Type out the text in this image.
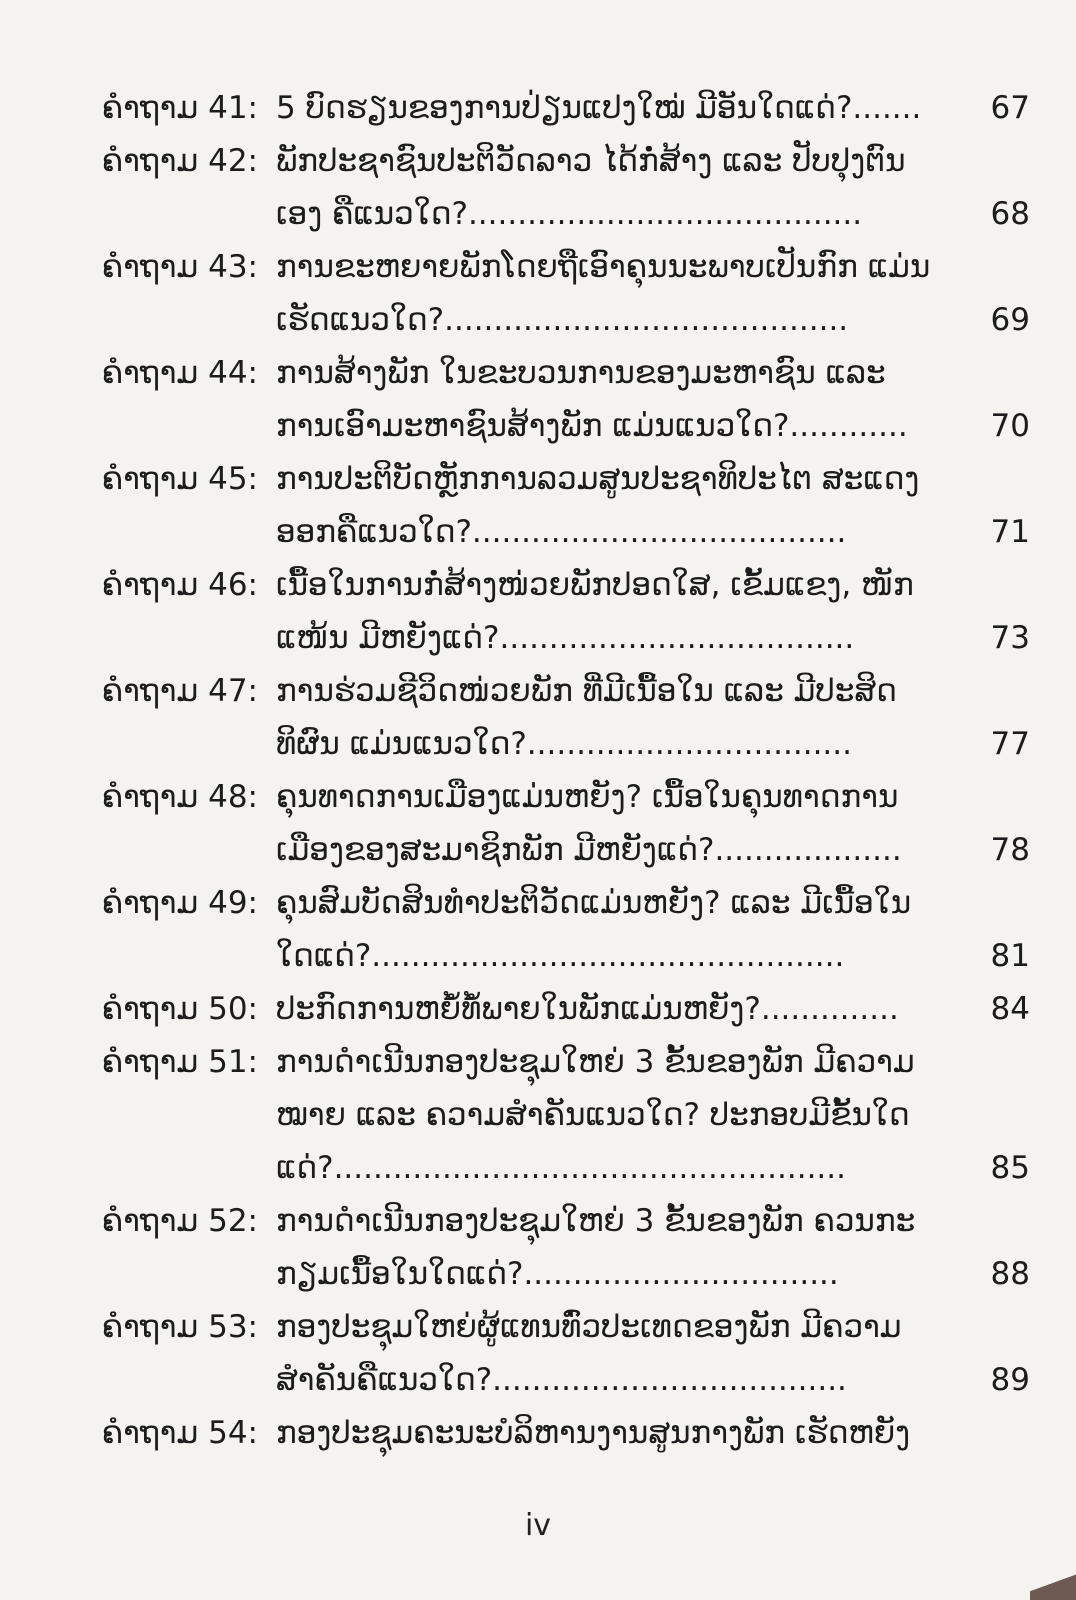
ຄຳຖາມ 41: 5 ບົດຮຽນຂອງການປ່ຽນແປງໃໝ່ ມີອັນໃດແດ່?.......	67
ຄຳຖາມ 42: ພັກປະຊາຊົນປະຕິວັດລາວ ໄດ້ກໍ່ສ້າງ ແລະ ປັບປຸງຕົນ
ເອງ ຄືແນວໃດ?........................................	68
ຄຳຖາມ 43: ການຂະຫຍາຍພັກໂດຍຖືເອົາຄຸນນະພາບເປັນກົກ ແມ່ນ
ເຮັດແນວໃດ?.........................................	69
ຄຳຖາມ 44: ການສ້າງພັກ ໃນຂະບວນການຂອງມະຫາຊົນ ແລະ
ການເອົາມະຫາຊົນສ້າງພັກ ແມ່ນແນວໃດ?............	70
ຄຳຖາມ 45: ການປະຕິບັດຫຼັກການລວມສູນປະຊາທິປະໄຕ ສະແດງ
ອອກຄືແນວໃດ?......................................	71
ຄຳຖາມ 46: ເນື້ອໃນການກໍ່ສ້າງໜ່ວຍພັກປອດໃສ, ເຂັ້ມແຂງ, ໜັກ
ແໜ້ນ ມີຫຍັງແດ່?....................................	73
ຄຳຖາມ 47: ການຮ່ວມຊີວິດໜ່ວຍພັກ ທີ່ມີເນື້ອໃນ ແລະ ມີປະສິດ
ທິຜົນ ແມ່ນແນວໃດ?.................................	77
ຄຳຖາມ 48: ຄຸນທາດການເມືອງແມ່ນຫຍັງ? ເນື້ອໃນຄຸນທາດການ
ເມືອງຂອງສະມາຊິກພັກ ມີຫຍັງແດ່?...................	78
ຄຳຖາມ 49: ຄຸນສົມບັດສິນທຳປະຕິວັດແມ່ນຫຍັງ? ແລະ ມີເນື້ອໃນ
ໃດແດ່?................................................	81
ຄຳຖາມ 50: ປະກົດການຫຍໍ້ທໍ້ພາຍໃນພັກແມ່ນຫຍັງ?..............	84
ຄຳຖາມ 51: ການດຳເນີນກອງປະຊຸມໃຫຍ່ 3 ຂັ້ນຂອງພັກ ມີຄວາມ
ໝາຍ ແລະ ຄວາມສຳຄັນແນວໃດ? ປະກອບມີຂັ້ນໃດ
ແດ່?....................................................	85
ຄຳຖາມ 52: ການດຳເນີນກອງປະຊຸມໃຫຍ່ 3 ຂັ້ນຂອງພັກ ຄວນກະ
ກຽມເນື້ອໃນໃດແດ່?................................	88
ຄຳຖາມ 53: ກອງປະຊຸມໃຫຍ່ຜູ້ແທນທົ່ວປະເທດຂອງພັກ ມີຄວາມ
ສຳຄັນຄືແນວໃດ?....................................	89
ຄຳຖາມ 54: ກອງປະຊຸມຄະນະບໍລິຫານງານສູນກາງພັກ ເຮັດຫຍັງ
iv
